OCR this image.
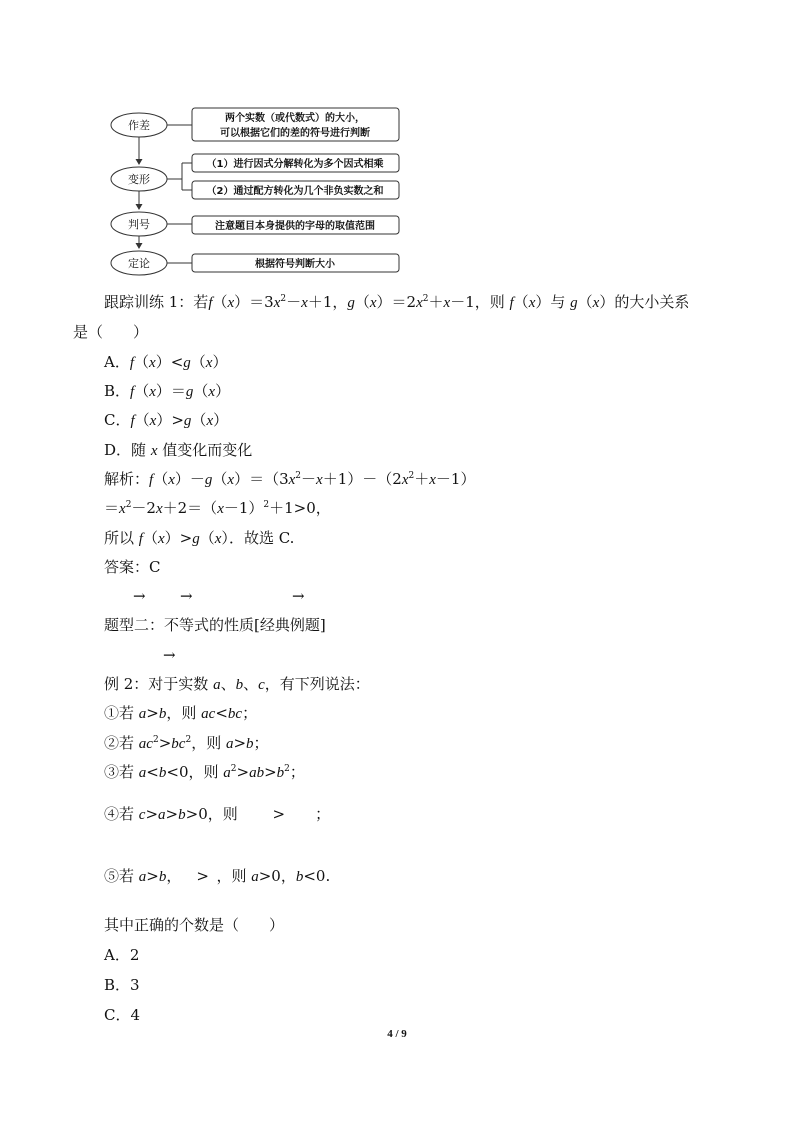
作差
变形
判号
定论
两个实数（或代数式）的大小，
可以根据它们的差的符号进行判断
（1）进行因式分解转化为多个因式相乘
（2）通过配方转化为几个非负实数之和
注意题目本身提供的字母的取值范围
根据符号判断大小
跟踪训练 1：若$f(x)=3x^2-x+1$，$g(x)=2x^2+x-1$，则 f（x）与 g（x）的大小关系
是（　　）
A．f（x）<g（x）
B．f（x）＝g（x）
C．f（x）>g（x）
D．随 x 值变化而变化
解析：$f(x)-g(x)=(3x^2-x+1)-(2x^2+x-1)$
$=x^2-2x+2=(x-1)^2+1>0$，
所以 f（x）>g（x）．故选 C.
答案：C
→ →	→
题型二：不等式的性质[经典例题]
→
例 2：对于实数 a、b、c，有下列说法：
①若 a>b，则 ac<bc；
②若 $ac^2>bc^2$，则 a>b；
③若 a<b<0，则 $a^2>ab>b^2$；
④若 c>a>b>0，则   >  ；
⑤若 a>b， > ，则 a>0，b<0.
其中正确的个数是（　　）
A．2
B．3
C．4
4 / 9
